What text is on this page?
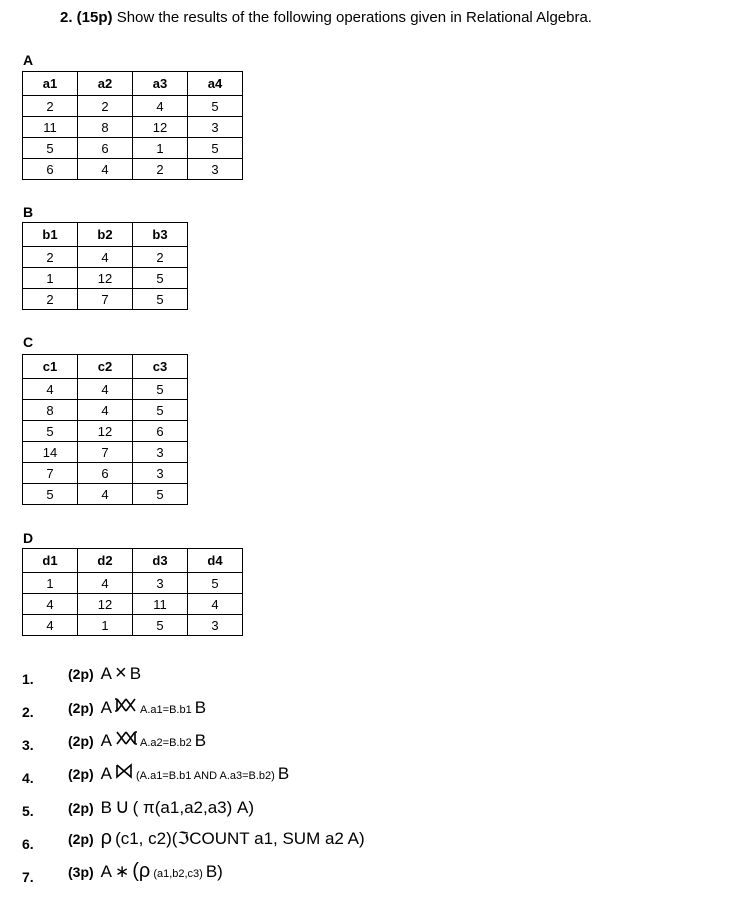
2. (15p) Show the results of the following operations given in Relational Algebra.
A
a1	a2	a3	a4
2	2	4	5
11	8	12	3
5	6	1	5
6	4	2	3
B
b1	b2	b3
2	4	2
1	12	5
2	7	5
C
c1	c2	c3
4	4	5
8	4	5
5	12	6
14	7	3
7	6	3
5	4	5
D
d1	d2	d3	d4
1	4	3	5
4	12	11	4
4	1	5	3
1. (2p) A × B
2. (2p) A	A.a1=B.b1 B
3. (2p) A	A.a2=B.b2 B
4. (2p) A (A.a1=B.b1 AND A.a3=B.b2) B
5. (2p) B ∪ ( π(a1,a2,a3) A)
6. (2p) ρ (c1, c2)(ℑCOUNT a1, SUM a2 A)
7. (3p) A ∗ (ρ (a1,b2,c3) B)
